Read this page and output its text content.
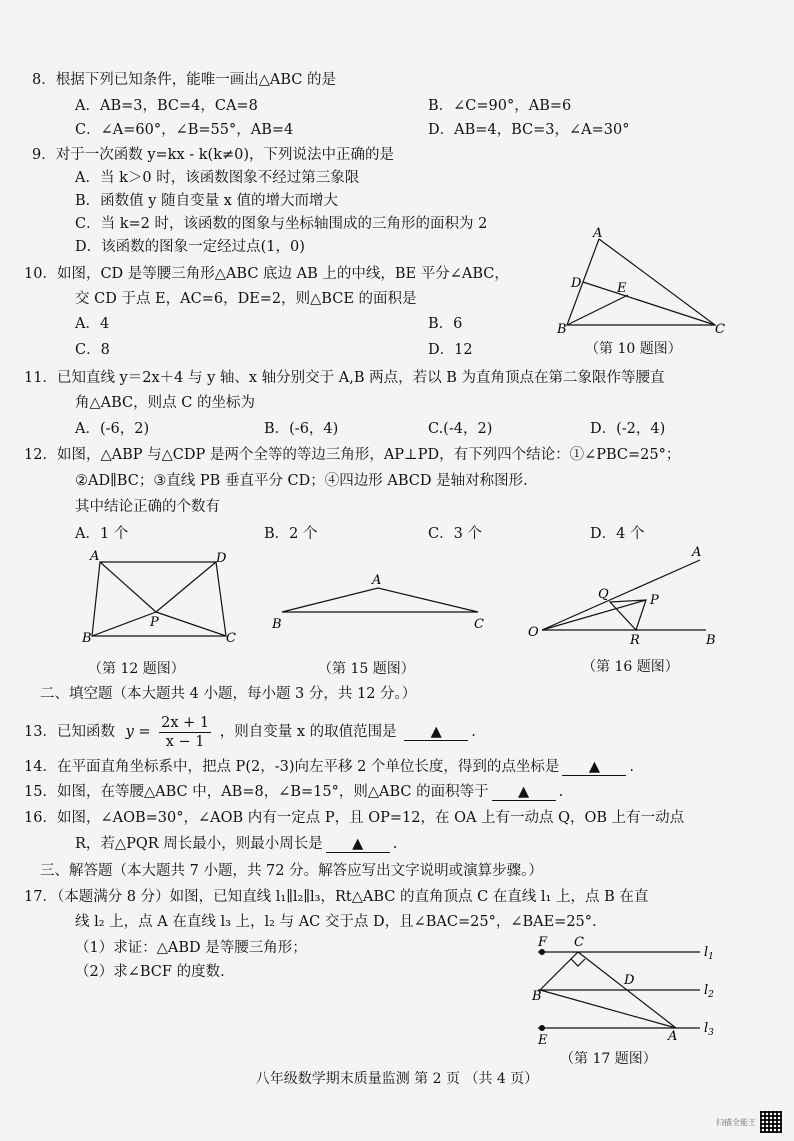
8．根据下列已知条件，能唯一画出△ABC 的是
A．AB=3，BC=4，CA=8	B．∠C=90°，AB=6
C．∠A=60°，∠B=55°，AB=4	D．AB=4，BC=3，∠A=30°
9．对于一次函数 y=kx - k(k≠0)，下列说法中正确的是
A．当 k＞0 时，该函数图象不经过第三象限
B．函数值 y 随自变量 x 值的增大而增大
C．当 k=2 时，该函数的图象与坐标轴围成的三角形的面积为 2
D．该函数的图象一定经过点(1，0)
10．如图，CD 是等腰三角形△ABC 底边 AB 上的中线，BE 平分∠ABC，
交 CD 于点 E，AC=6，DE=2，则△BCE 的面积是
A．4	B．6
C．8	D．12
A
B	C
D	E
（第 10 题图）
11．已知直线 y＝2x＋4 与 y 轴、x 轴分别交于 A,B 两点，若以 B 为直角顶点在第二象限作等腰直
角△ABC，则点 C 的坐标为
A．(-6，2)	B．(-6，4)	C.(-4，2)	D．(-2，4)
12．如图，△ABP 与△CDP 是两个全等的等边三角形，AP⊥PD，有下列四个结论：①∠PBC=25°；
②AD∥BC；③直线 PB 垂直平分 CD；④四边形 ABCD 是轴对称图形.
其中结论正确的个数有
A．1 个	B．2 个	C．3 个	D．4 个
A	D
B	C
P
（第 12 题图）
A
B	C
（第 15 题图）
O
A
B
Q	P
R
（第 16 题图）
二、填空题（本大题共 4 小题，每小题 3 分，共 12 分。）
13．已知函数 $y = \frac{2x + 1}{x - 1}$ ，则自变量 x 的取值范围是 ▲ .
14．在平面直角坐标系中，把点 P(2，-3)向左平移 2 个单位长度，得到的点坐标是 ▲ .
15．如图，在等腰△ABC 中，AB=8，∠B=15°，则△ABC 的面积等于 ▲ .
16．如图，∠AOB=30°，∠AOB 内有一定点 P，且 OP=12，在 OA 上有一动点 Q，OB 上有一动点
R，若△PQR 周长最小，则最小周长是 ▲ .
三、解答题（本大题共 7 小题，共 72 分。解答应写出文字说明或演算步骤。）
17．（本题满分 8 分）如图，已知直线 l₁∥l₂∥l₃，Rt△ABC 的直角顶点 C 在直线 l₁ 上，点 B 在直
线 l₂ 上，点 A 在直线 l₃ 上，l₂ 与 AC 交于点 D，且∠BAC=25°，∠BAE=25°.
（1）求证：△ABD 是等腰三角形；
（2）求∠BCF 的度数.
F C
D
B
A
E
$l_1$
$l_2$
$l_3$
（第 17 题图）
八年级数学期末质量监测 第 2 页 （共 4 页）
扫描全能王
